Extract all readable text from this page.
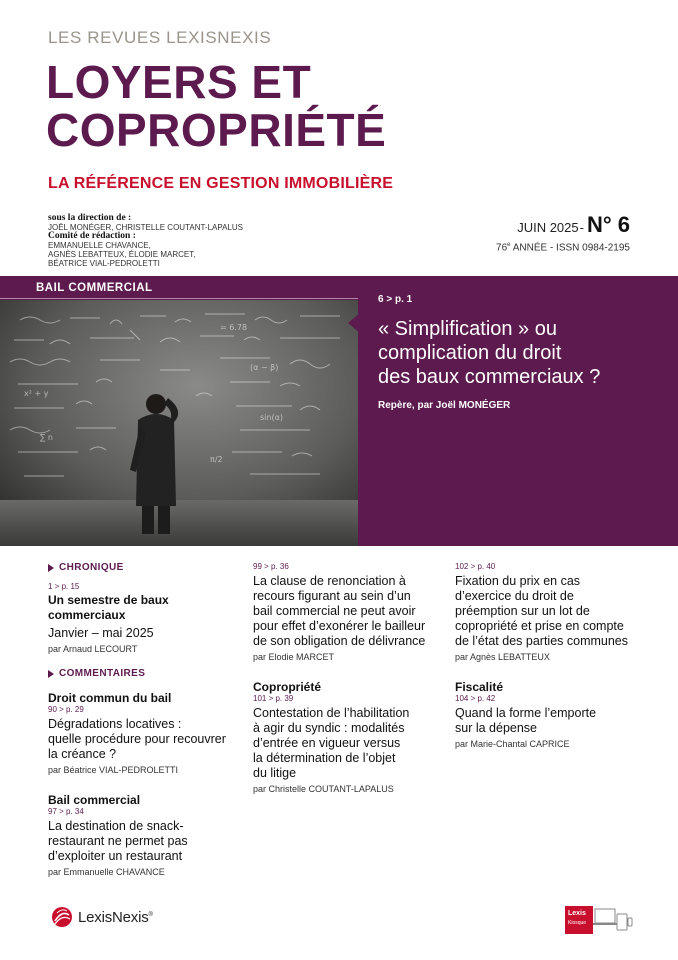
LES REVUES LEXISNEXIS
LOYERS ET
COPROPRIÉTÉ
LA RÉFÉRENCE EN GESTION IMMOBILIÈRE
sous la direction de :
JOËL MONÉGER, CHRISTELLE COUTANT-LAPALUS
Comité de rédaction :
EMMANUELLE CHAVANCE,
AGNÈS LEBATTEUX, ÉLODIE MARCET,
BÉATRICE VIAL-PEDROLETTI
JUIN 2025 - N° 6
76e ANNÉE - ISSN 0984-2195
BAIL COMMERCIAL
= 6.78
x² + y
(α − β)
∑ n
sin(α)
π/2
6 > p. 1
« Simplification » ou
complication du droit
des baux commerciaux ?
Repère, par Joël MONÉGER
CHRONIQUE
1 > p. 15
Un semestre de baux commerciaux
Janvier – mai 2025
par Arnaud LECOURT
COMMENTAIRES
Droit commun du bail
90 > p. 29
Dégradations locatives :
quelle procédure pour recouvrer
la créance ?
par Béatrice VIAL-PEDROLETTI
Bail commercial
97 > p. 34
La destination de snack-
restaurant ne permet pas
d’exploiter un restaurant
par Emmanuelle CHAVANCE
99 > p. 36
La clause de renonciation à
recours figurant au sein d’un
bail commercial ne peut avoir
pour effet d’exonérer le bailleur
de son obligation de délivrance
par Elodie MARCET
Copropriété
101 > p. 39
Contestation de l’habilitation
à agir du syndic : modalités
d’entrée en vigueur versus
la détermination de l’objet
du litige
par Christelle COUTANT-LAPALUS
102 > p. 40
Fixation du prix en cas
d’exercice du droit de
préemption sur un lot de
copropriété et prise en compte
de l’état des parties communes
par Agnès LEBATTEUX
Fiscalité
104 > p. 42
Quand la forme l’emporte
sur la dépense
par Marie-Chantal CAPRICE
LexisNexis®	Lexis
Kiosque
